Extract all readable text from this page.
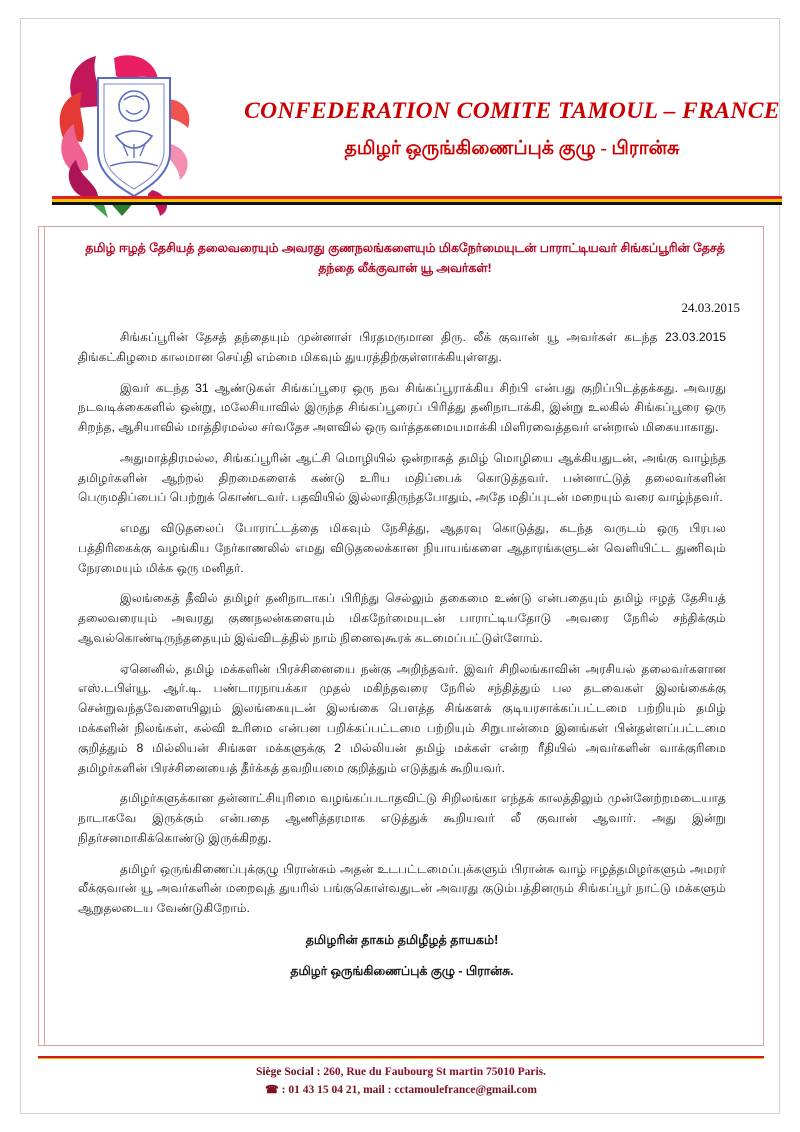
CONFEDERATION COMITE TAMOUL – FRANCE
தமிழர் ஒருங்கிணைப்புக் குழு - பிரான்சு
தமிழ் ஈழத் தேசியத் தலைவரையும் அவரது குணநலங்களையும் மிகநேர்மையுடன் பாராட்டியவர் சிங்கப்பூரின் தேசத் தந்தை லீக்குவான் யூ அவர்கள்!
24.03.2015

சிங்கப்பூரின் தேசத் தந்தையும் முன்னாள் பிரதமருமான திரு. லீக் குவான் யூ அவர்கள் கடந்த 23.03.2015 திங்கட்கிழமை காலமான செய்தி எம்மை மிகவும் துயரத்திற்குள்ளாக்கியுள்ளது.

இவர் கடந்த 31 ஆண்டுகள் சிங்கப்பூரை ஒரு நவ சிங்கப்பூராக்கிய சிற்பி என்பது குறிப்பிடத்தக்கது. அவரது நடவடிக்கைகளில் ஒன்று, மலேசியாவில் இருந்த சிங்கப்பூரைப் பிரித்து தனிநாடாக்கி, இன்று உலகில் சிங்கப்பூரை ஒரு சிறந்த, ஆசியாவில் மாத்திரமல்ல சர்வதேச அளவில் ஒரு வர்த்தகமையமாக்கி மிளிரவைத்தவர் என்றால் மிகையாகாது.

அதுமாத்திரமல்ல, சிங்கப்பூரின் ஆட்சி மொழியில் ஒன்றாகத் தமிழ் மொழியை ஆக்கியதுடன், அங்கு வாழ்ந்த தமிழர்களின் ஆற்றல் திறமைகளைக் கண்டு உரிய மதிப்பைக் கொடுத்தவர். பன்னாட்டுத் தலைவர்களின் பெருமதிப்பைப் பெற்றுக் கொண்டவர். பதவியில் இல்லாதிருந்தபோதும், அதே மதிப்புடன் மறையும் வரை வாழ்ந்தவர்.

எமது விடுதலைப் போராட்டத்தை மிகவும் நேசித்து, ஆதரவு கொடுத்து, கடந்த வருடம் ஒரு பிரபல பத்திரிகைக்கு வழங்கிய நேர்காணலில் எமது விடுதலைக்கான நியாயங்களை ஆதாரங்களுடன் வெளியிட்ட துணிவும் நேரமையும் மிக்க ஒரு மனிதர்.

இலங்கைத் தீவில் தமிழர் தனிநாடாகப் பிரிந்து செல்லும் தகைமை உண்டு என்பதையும் தமிழ் ஈழத் தேசியத் தலைவரையும் அவரது குணநலன்களையும் மிகநேர்மையுடன் பாராட்டியதோடு அவரை நேரில் சந்திக்கும் ஆவல்கொண்டிருந்ததையும் இவ்விடத்தில் நாம் நினைவுகூரக் கடமைப்பட்டுள்ளோம்.

ஏனெனில், தமிழ் மக்களின் பிரச்சினையை நன்கு அறிந்தவர். இவர் சிறிலங்காவின் அரசியல் தலைவர்களான எஸ்.டபிள்யூ. ஆர்.டி. பண்டாரநாயக்கா முதல் மகிந்தவரை நேரில் சந்தித்தும் பல தடவைகள் இலங்கைக்கு சென்றுவந்தவேளையிலும் இலங்கையுடன் இலங்கை பௌத்த சிங்களக் குடியரசாக்கப்பட்டமை பற்றியும் தமிழ் மக்களின் நிலங்கள், கல்வி உரிமை என்பன பறிக்கப்பட்டமை பற்றியும் சிறுபான்மை இனங்கள் பின்தள்ளப்பட்டமை குறித்தும் 8 மில்லியன் சிங்கள மக்களுக்கு 2 மில்லியன் தமிழ் மக்கள் என்ற ரீதியில் அவர்களின் வாக்குரிமை தமிழர்களின் பிரச்சினையைத் தீர்க்கத் தவறியமை குறித்தும் எடுத்துக் கூறியவர்.

தமிழர்களுக்கான தன்னாட்சியுரிமை வழங்கப்படாதவிட்டு சிறிலங்கா எந்தக் காலத்திலும் முன்னேற்றமடையாத நாடாகவே இருக்கும் என்பதை ஆணித்தரமாக எடுத்துக் கூறியவர் லீ குவான் ஆவார். அது இன்று நிதர்சனமாகிக்கொண்டு இருக்கிறது.

தமிழர் ஒருங்கிணைப்புக்குழு பிரான்சும் அதன் உடபட்டமைப்புக்களும் பிரான்சு வாழ் ஈழத்தமிழர்களும் அமரர் லீக்குவான் யூ அவர்களின் மறைவுத் துயரில் பங்குகொள்வதுடன் அவரது குடும்பத்தினரும் சிங்கப்பூர் நாட்டு மக்களும் ஆறுதலடைய வேண்டுகிறோம்.

தமிழரின் தாகம் தமிழீழத் தாயகம்!

தமிழர் ஒருங்கிணைப்புக் குழு - பிரான்சு.

Siège Social : 260, Rue du Faubourg St martin 75010 Paris.
☎ : 01 43 15 04 21, mail : cctamoulefrance@gmail.com
